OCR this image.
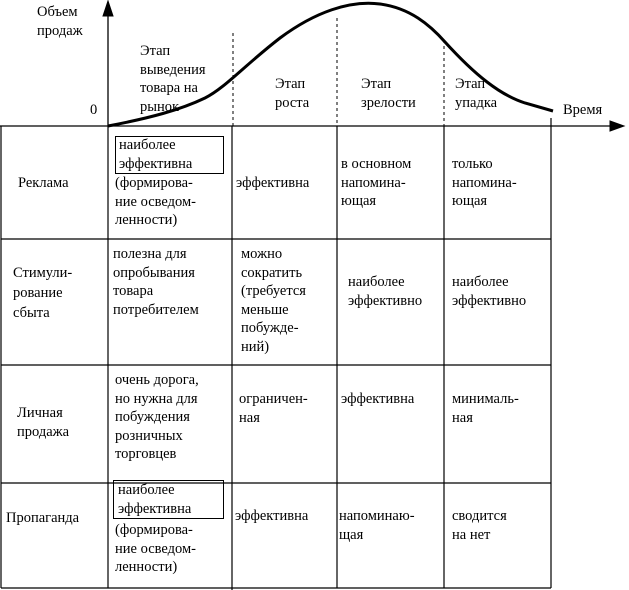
Объем
продаж
0	Время
Этап
выведения
товара на
рынок
Этап
роста
Этап
зрелости
Этап
упадка
Реклама
наиболее
эффективна
(формирова-
ние осведом-
ленности)
эффективна
в основном
напомина-
ющая
только
напомина-
ющая
Стимули-
рование
сбыта
полезна для
опробывания
товара
потребителем
можно
сократить
(требуется
меньше
побужде-
ний)
наиболее
эффективно
наиболее
эффективно
Личная
продажа
очень дорога,
но нужна для
побуждения
розничных
торговцев
ограничен-
ная
эффективна	минималь-
ная
Пропаганда
наиболее
эффективна
(формирова-
ние осведом-
ленности)
эффективна напоминаю-
щая
сводится
на нет
